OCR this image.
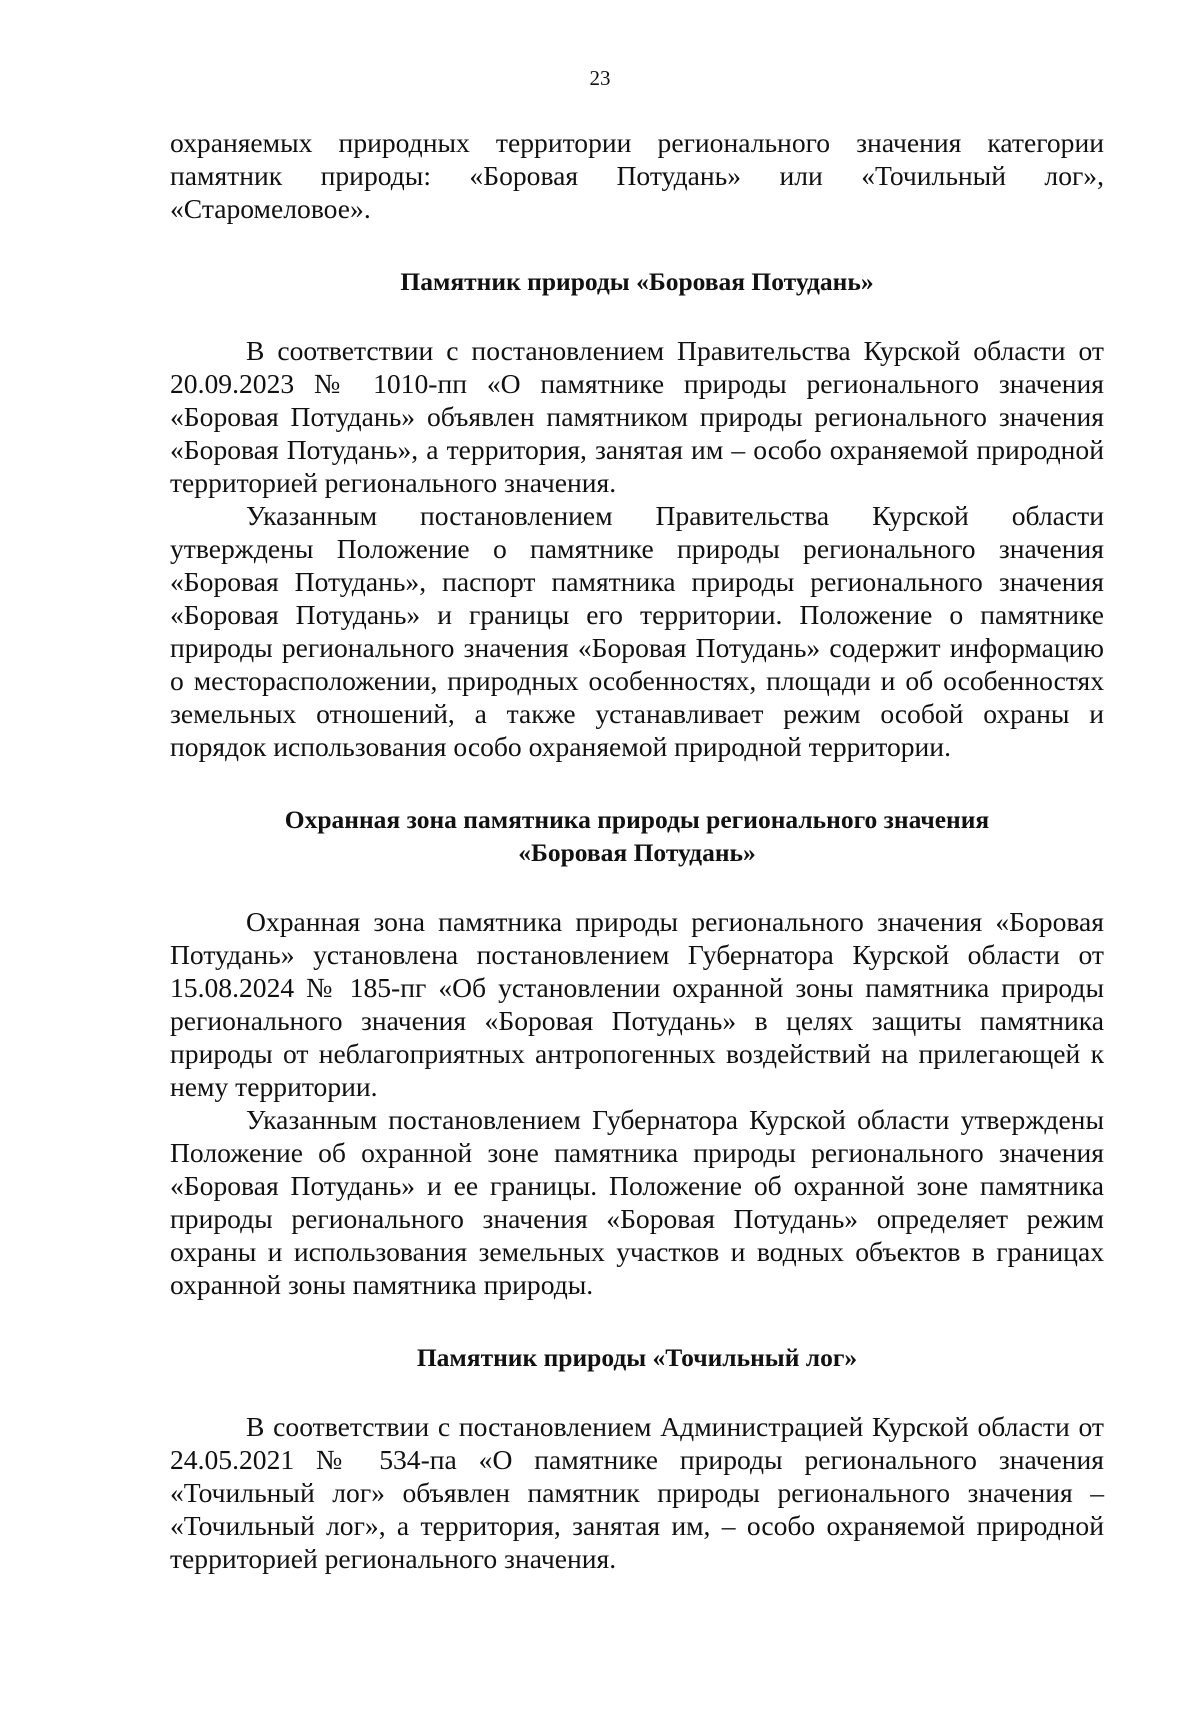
23

охраняемых природных территории регионального значения категории памятник природы: «Боровая Потудань» или «Точильный лог», «Старомеловое».

Памятник природы «Боровая Потудань»

В соответствии с постановлением Правительства Курской области от 20.09.2023 № 1010-пп «О памятнике природы регионального значения «Боровая Потудань» объявлен памятником природы регионального значения «Боровая Потудань», а территория, занятая им – особо охраняемой природной территорией регионального значения.

Указанным постановлением Правительства Курской области утверждены Положение о памятнике природы регионального значения «Боровая Потудань», паспорт памятника природы регионального значения «Боровая Потудань» и границы его территории. Положение о памятнике природы регионального значения «Боровая Потудань» содержит информацию о месторасположении, природных особенностях, площади и об особенностях земельных отношений, а также устанавливает режим особой охраны и порядок использования особо охраняемой природной территории.

Охранная зона памятника природы регионального значения
«Боровая Потудань»

Охранная зона памятника природы регионального значения «Боровая Потудань» установлена постановлением Губернатора Курской области от 15.08.2024 № 185-пг «Об установлении охранной зоны памятника природы регионального значения «Боровая Потудань» в целях защиты памятника природы от неблагоприятных антропогенных воздействий на прилегающей к нему территории.

Указанным постановлением Губернатора Курской области утверждены Положение об охранной зоне памятника природы регионального значения «Боровая Потудань» и ее границы. Положение об охранной зоне памятника природы регионального значения «Боровая Потудань» определяет режим охраны и использования земельных участков и водных объектов в границах охранной зоны памятника природы.

Памятник природы «Точильный лог»

В соответствии с постановлением Администрацией Курской области от 24.05.2021 № 534-па «О памятнике природы регионального значения «Точильный лог» объявлен памятник природы регионального значения – «Точильный лог», а территория, занятая им, – особо охраняемой природной территорией регионального значения.
